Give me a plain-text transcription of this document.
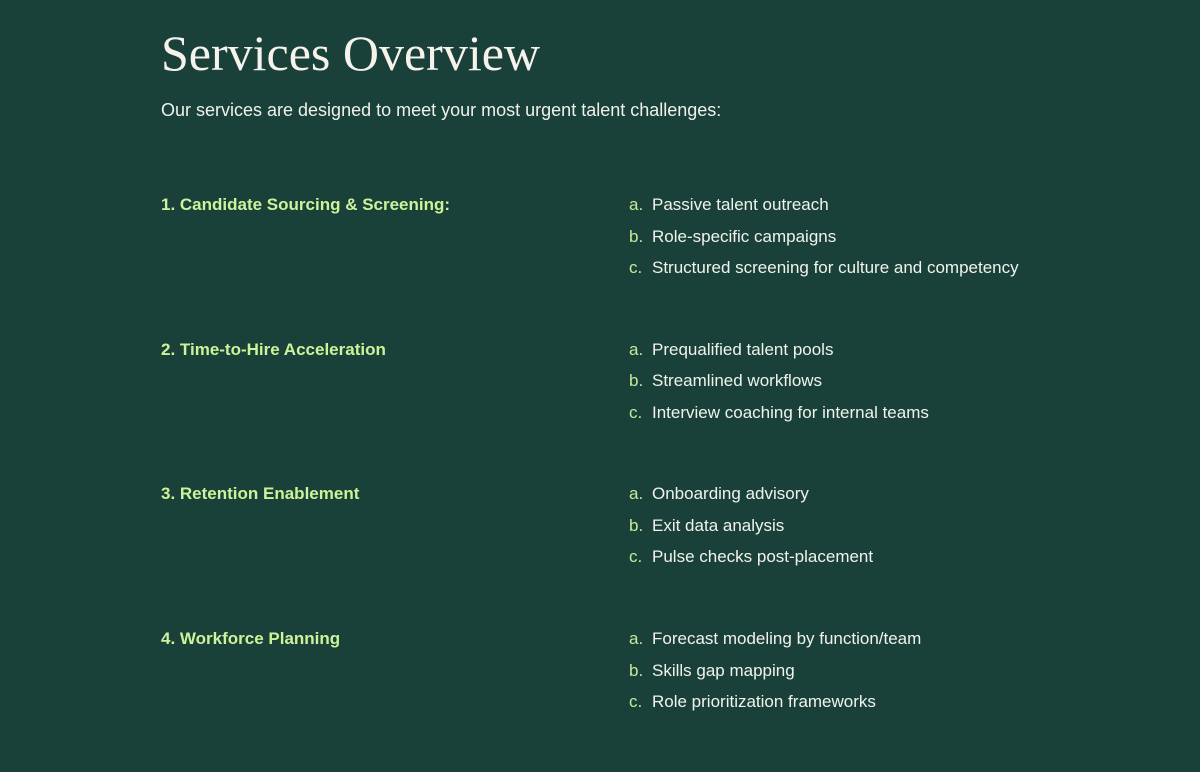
Services Overview

Our services are designed to meet your most urgent talent challenges:

1. Candidate Sourcing & Screening:	a. Passive talent outreach
b. Role-specific campaigns
c. Structured screening for culture and competency
2. Time-to-Hire Acceleration	a. Prequalified talent pools
b. Streamlined workflows
c. Interview coaching for internal teams
3. Retention Enablement	a. Onboarding advisory
b. Exit data analysis
c. Pulse checks post-placement
4. Workforce Planning	a. Forecast modeling by function/team
b. Skills gap mapping
c. Role prioritization frameworks
